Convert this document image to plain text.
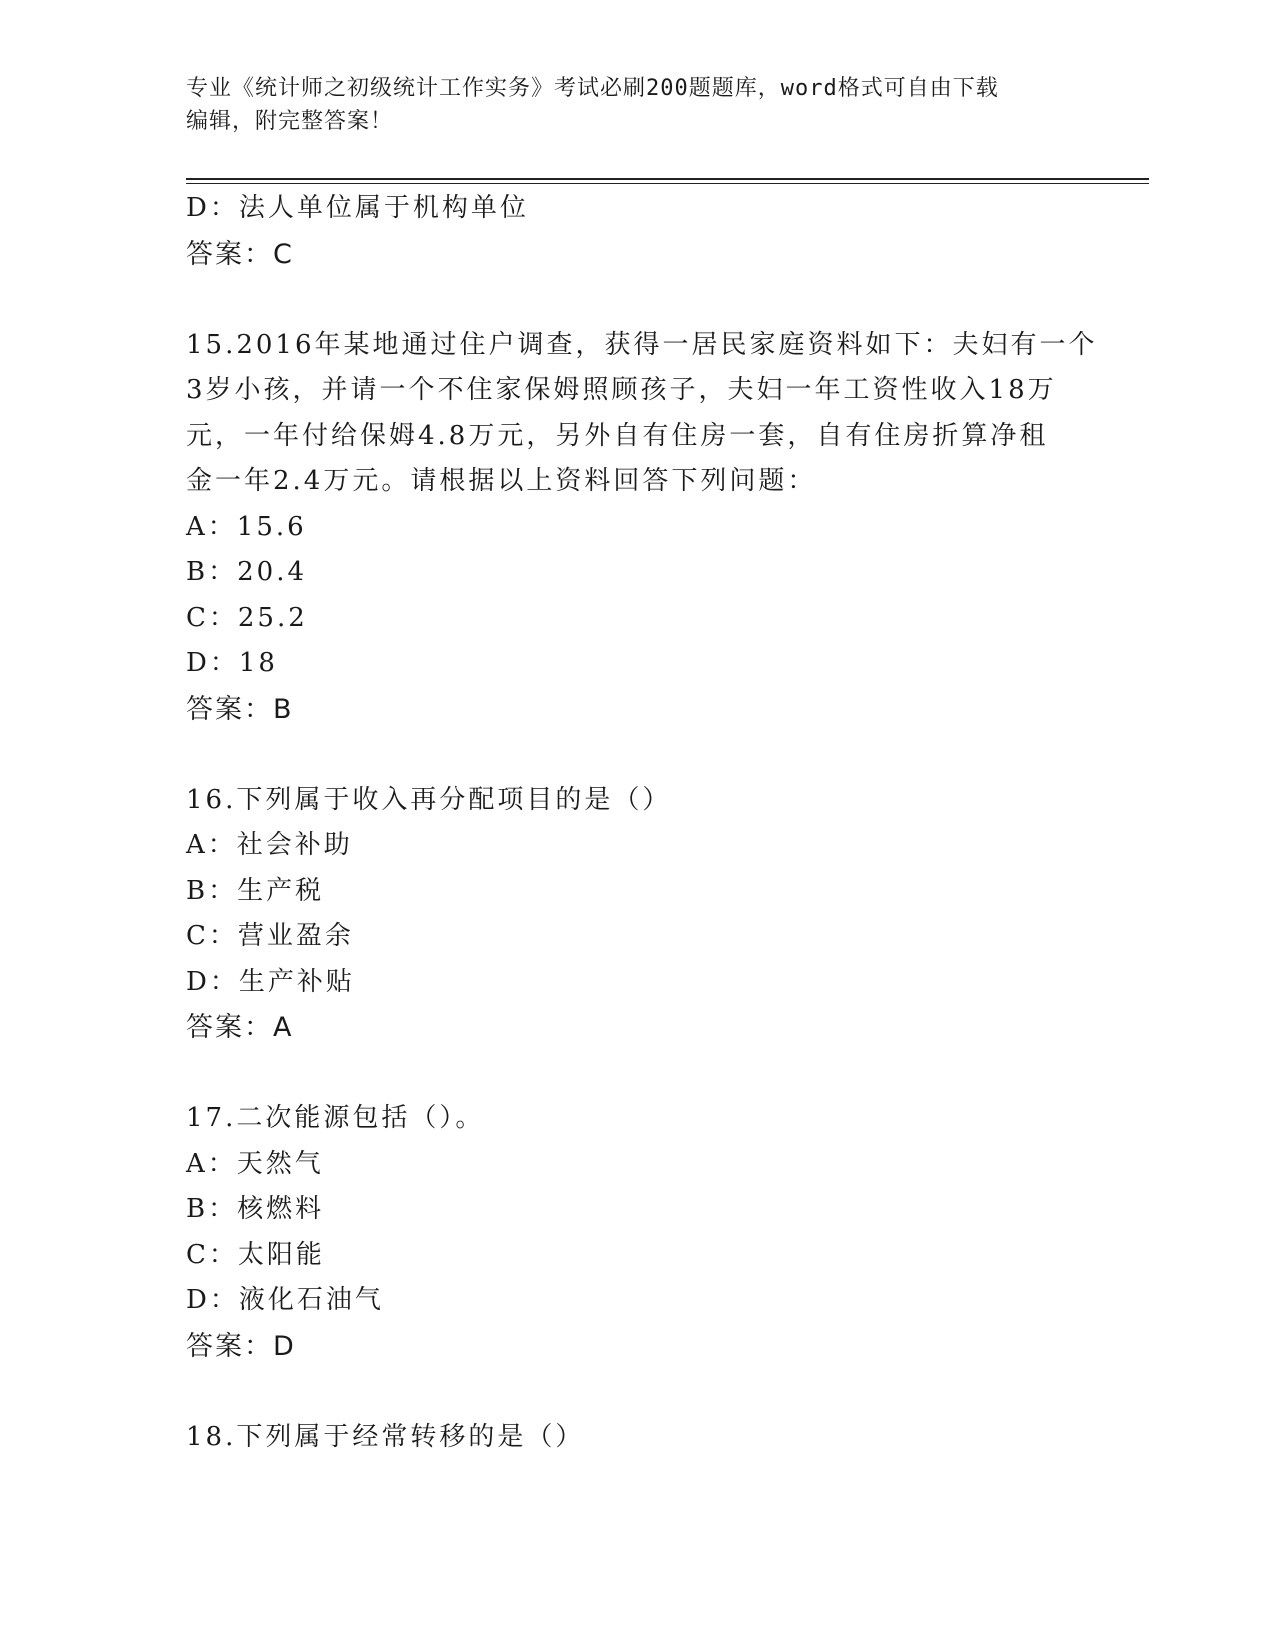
专业《统计师之初级统计工作实务》考试必刷200题题库，word格式可自由下载
编辑，附完整答案！
D：法人单位属于机构单位
答案：C
15.2016年某地通过住户调查，获得一居民家庭资料如下：夫妇有一个
3岁小孩，并请一个不住家保姆照顾孩子，夫妇一年工资性收入18万
元，一年付给保姆4.8万元，另外自有住房一套，自有住房折算净租
金一年2.4万元。请根据以上资料回答下列问题：
A：15.6
B：20.4
C：25.2
D：18
答案：B
16.下列属于收入再分配项目的是（）
A：社会补助
B：生产税
C：营业盈余
D：生产补贴
答案：A
17.二次能源包括（）。
A：天然气
B：核燃料
C：太阳能
D：液化石油气
答案：D
18.下列属于经常转移的是（）
